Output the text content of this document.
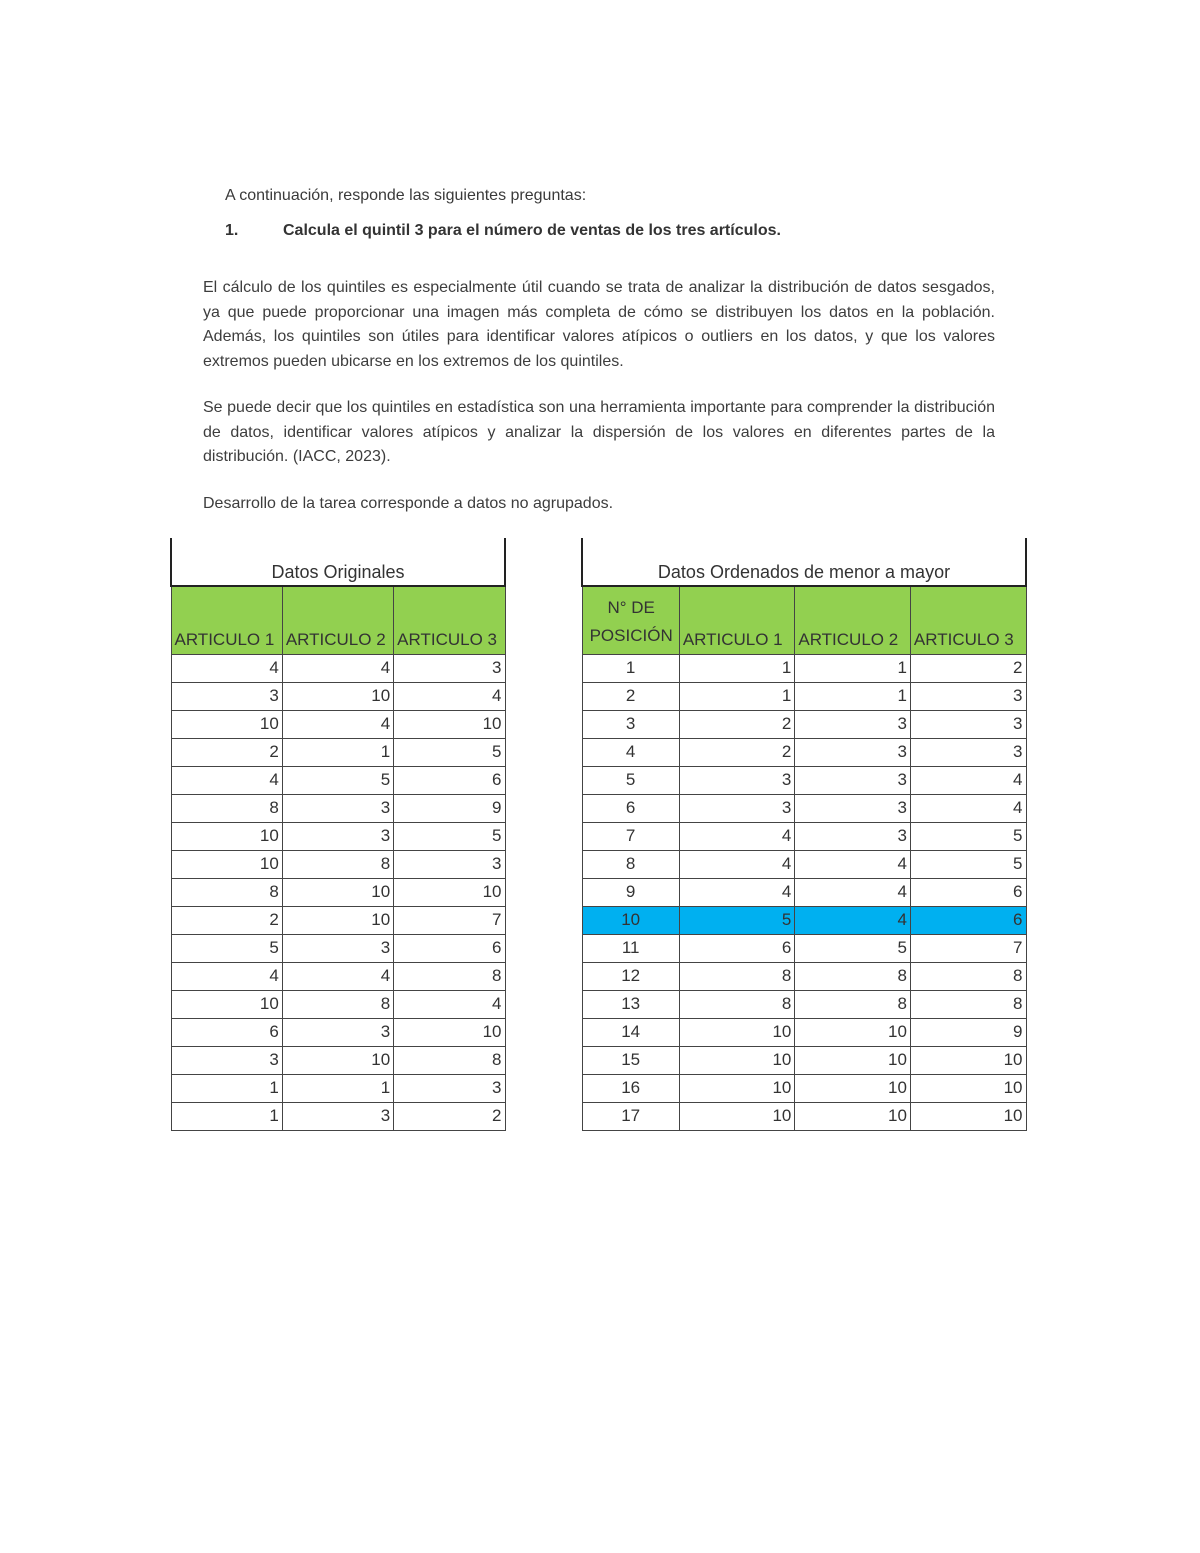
A continuación, responde las siguientes preguntas:
1.	Calcula el quintil 3 para el número de ventas de los tres artículos.

El cálculo de los quintiles es especialmente útil cuando se trata de analizar la distribución de datos sesgados, ya que puede proporcionar una imagen más completa de cómo se distribuyen los datos en la población. Además, los quintiles son útiles para identificar valores atípicos o outliers en los datos, y que los valores extremos pueden ubicarse en los extremos de los quintiles.

Se puede decir que los quintiles en estadística son una herramienta importante para comprender la distribución de datos, identificar valores atípicos y analizar la dispersión de los valores en diferentes partes de la distribución. (IACC, 2023).

Desarrollo de la tarea corresponde a datos no agrupados.

Datos Originales		
ARTICULO 1	ARTICULO 2	ARTICULO 3
4	4	3
3	10	4
10	4	10
2	1	5
4	5	6
8	3	9
10	3	5
10	8	3
8	10	10
2	10	7
5	3	6
4	4	8
10	8	4
6	3	10
3	10	8
1	1	3
1	3	2
Datos Ordenados de menor a mayor			
N° DE
POSICIÓN	ARTICULO 1	ARTICULO 2	ARTICULO 3
1	1	1	2
2	1	1	3
3	2	3	3
4	2	3	3
5	3	3	4
6	3	3	4
7	4	3	5
8	4	4	5
9	4	4	6
10	5	4	6
11	6	5	7
12	8	8	8
13	8	8	8
14	10	10	9
15	10	10	10
16	10	10	10
17	10	10	10
